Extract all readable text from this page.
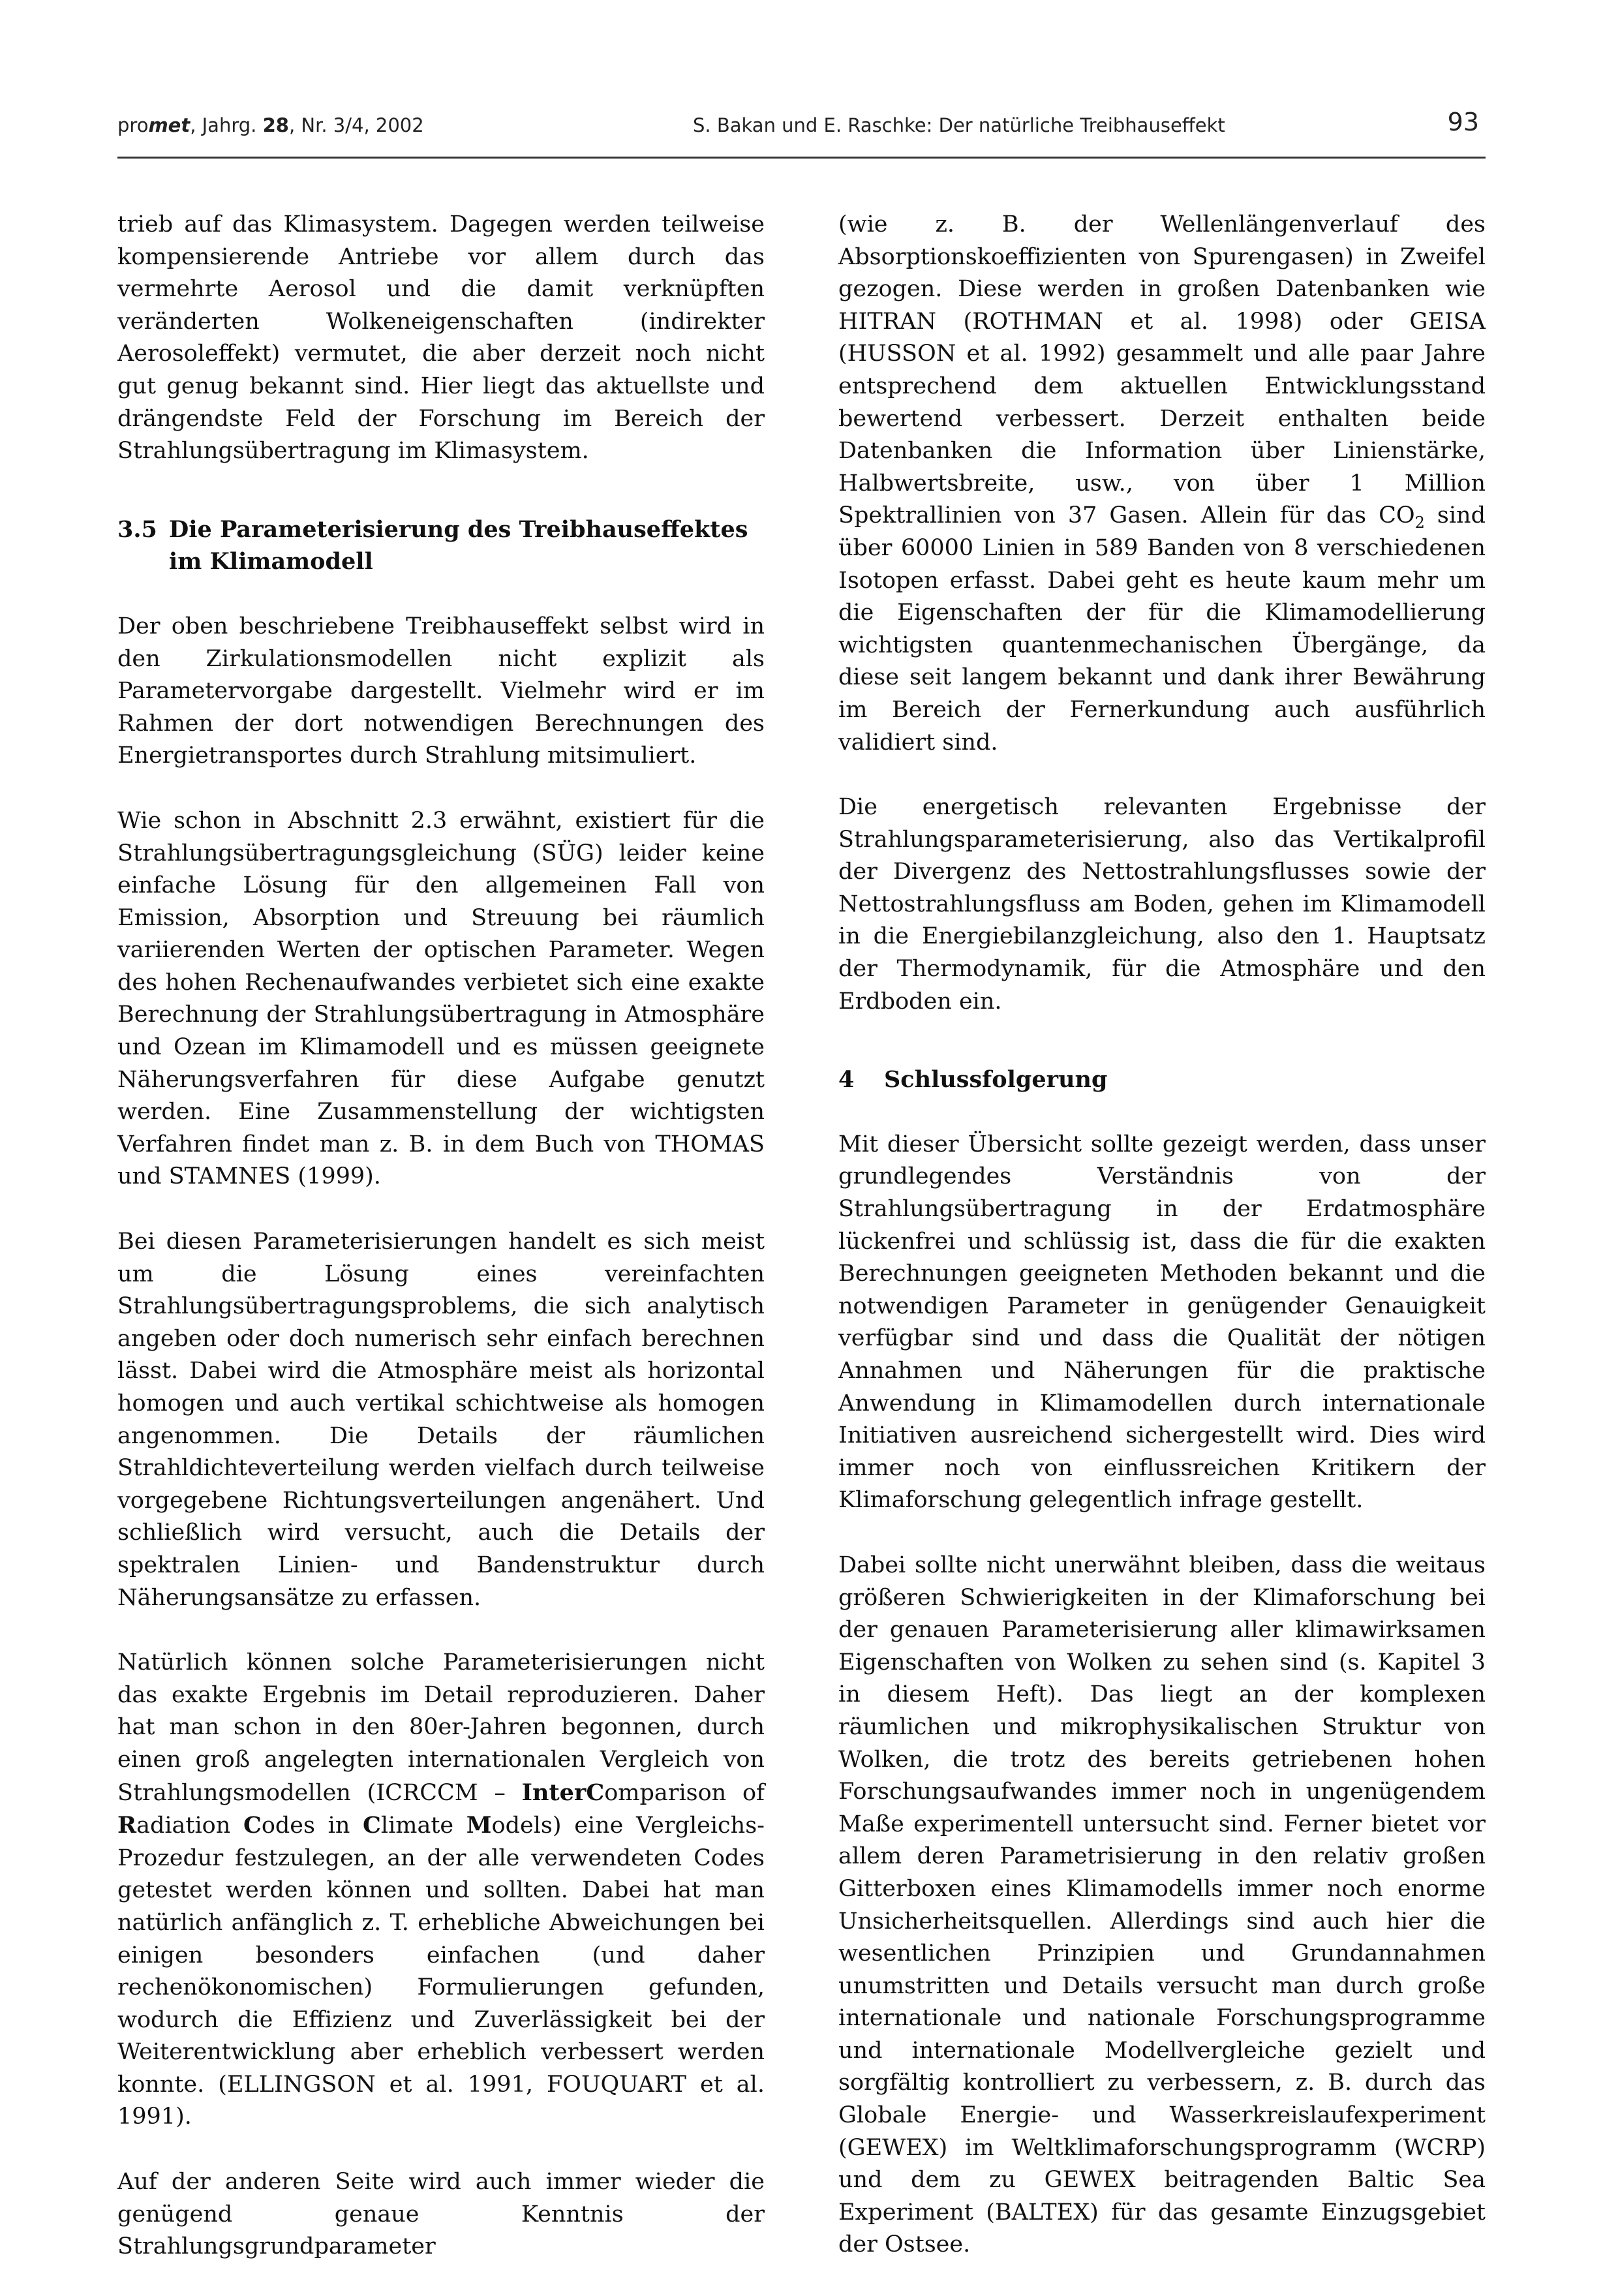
promet, Jahrg. 28, Nr. 3/4, 2002	S. Bakan und E. Raschke: Der natürliche Treibhauseffekt	93

trieb auf das Klimasystem. Dagegen werden teilweise kompensierende Antriebe vor allem durch das vermehrte Aerosol und die damit verknüpften veränderten Wolkeneigenschaften (indirekter Aerosoleffekt) vermutet, die aber derzeit noch nicht gut genug bekannt sind. Hier liegt das aktuellste und drängendste Feld der Forschung im Bereich der Strahlungsübertragung im Klimasystem.

3.5 Die Parameterisierung des Treibhauseffektes im Klimamodell

Der oben beschriebene Treibhauseffekt selbst wird in den Zirkulationsmodellen nicht explizit als Parametervorgabe dargestellt. Vielmehr wird er im Rahmen der dort notwendigen Berechnungen des Energietransportes durch Strahlung mitsimuliert.

Wie schon in Abschnitt 2.3 erwähnt, existiert für die Strahlungsübertragungsgleichung (SÜG) leider keine einfache Lösung für den allgemeinen Fall von Emission, Absorption und Streuung bei räumlich variierenden Werten der optischen Parameter. Wegen des hohen Rechenaufwandes verbietet sich eine exakte Berechnung der Strahlungsübertragung in Atmosphäre und Ozean im Klimamodell und es müssen geeignete Näherungsverfahren für diese Aufgabe genutzt werden. Eine Zusammenstellung der wichtigsten Verfahren findet man z. B. in dem Buch von THOMAS und STAMNES (1999).

Bei diesen Parameterisierungen handelt es sich meist um die Lösung eines vereinfachten Strahlungsübertragungsproblems, die sich analytisch angeben oder doch numerisch sehr einfach berechnen lässt. Dabei wird die Atmosphäre meist als horizontal homogen und auch vertikal schichtweise als homogen angenommen. Die Details der räumlichen Strahldichteverteilung werden vielfach durch teilweise vorgegebene Richtungsverteilungen angenähert. Und schließlich wird versucht, auch die Details der spektralen Linien- und Bandenstruktur durch Näherungsansätze zu erfassen.

Natürlich können solche Parameterisierungen nicht das exakte Ergebnis im Detail reproduzieren. Daher hat man schon in den 80er-Jahren begonnen, durch einen groß angelegten internationalen Vergleich von Strahlungsmodellen (ICRCCM – InterComparison of Radiation Codes in Climate Models) eine Vergleichs-Prozedur festzulegen, an der alle verwendeten Codes getestet werden können und sollten. Dabei hat man natürlich anfänglich z. T. erhebliche Abweichungen bei einigen besonders einfachen (und daher rechenökonomischen) Formulierungen gefunden, wodurch die Effizienz und Zuverlässigkeit bei der Weiterentwicklung aber erheblich verbessert werden konnte. (ELLINGSON et al. 1991, FOUQUART et al. 1991).

Auf der anderen Seite wird auch immer wieder die genügend genaue Kenntnis der Strahlungsgrundparameter

(wie z. B. der Wellenlängenverlauf des Absorptionskoeffizienten von Spurengasen) in Zweifel gezogen. Diese werden in großen Datenbanken wie HITRAN (ROTHMAN et al. 1998) oder GEISA (HUSSON et al. 1992) gesammelt und alle paar Jahre entsprechend dem aktuellen Entwicklungsstand bewertend verbessert. Derzeit enthalten beide Datenbanken die Information über Linienstärke, Halbwertsbreite, usw., von über 1 Million Spektrallinien von 37 Gasen. Allein für das $CO_2$ sind über 60000 Linien in 589 Banden von 8 verschiedenen Isotopen erfasst. Dabei geht es heute kaum mehr um die Eigenschaften der für die Klimamodellierung wichtigsten quantenmechanischen Übergänge, da diese seit langem bekannt und dank ihrer Bewährung im Bereich der Fernerkundung auch ausführlich validiert sind.

Die energetisch relevanten Ergebnisse der Strahlungsparameterisierung, also das Vertikalprofil der Divergenz des Nettostrahlungsflusses sowie der Nettostrahlungsfluss am Boden, gehen im Klimamodell in die Energiebilanzgleichung, also den 1. Hauptsatz der Thermodynamik, für die Atmosphäre und den Erdboden ein.

4	Schlussfolgerung

Mit dieser Übersicht sollte gezeigt werden, dass unser grundlegendes Verständnis von der Strahlungsübertragung in der Erdatmosphäre lückenfrei und schlüssig ist, dass die für die exakten Berechnungen geeigneten Methoden bekannt und die notwendigen Parameter in genügender Genauigkeit verfügbar sind und dass die Qualität der nötigen Annahmen und Näherungen für die praktische Anwendung in Klimamodellen durch internationale Initiativen ausreichend sichergestellt wird. Dies wird immer noch von einflussreichen Kritikern der Klimaforschung gelegentlich infrage gestellt.

Dabei sollte nicht unerwähnt bleiben, dass die weitaus größeren Schwierigkeiten in der Klimaforschung bei der genauen Parameterisierung aller klimawirksamen Eigenschaften von Wolken zu sehen sind (s. Kapitel 3 in diesem Heft). Das liegt an der komplexen räumlichen und mikrophysikalischen Struktur von Wolken, die trotz des bereits getriebenen hohen Forschungsaufwandes immer noch in ungenügendem Maße experimentell untersucht sind. Ferner bietet vor allem deren Parametrisierung in den relativ großen Gitterboxen eines Klimamodells immer noch enorme Unsicherheitsquellen. Allerdings sind auch hier die wesentlichen Prinzipien und Grundannahmen unumstritten und Details versucht man durch große internationale und nationale Forschungsprogramme und internationale Modellvergleiche gezielt und sorgfältig kontrolliert zu verbessern, z. B. durch das Globale Energie- und Wasserkreislaufexperiment (GEWEX) im Weltklimaforschungsprogramm (WCRP) und dem zu GEWEX beitragenden Baltic Sea Experiment (BALTEX) für das gesamte Einzugsgebiet der Ostsee.
